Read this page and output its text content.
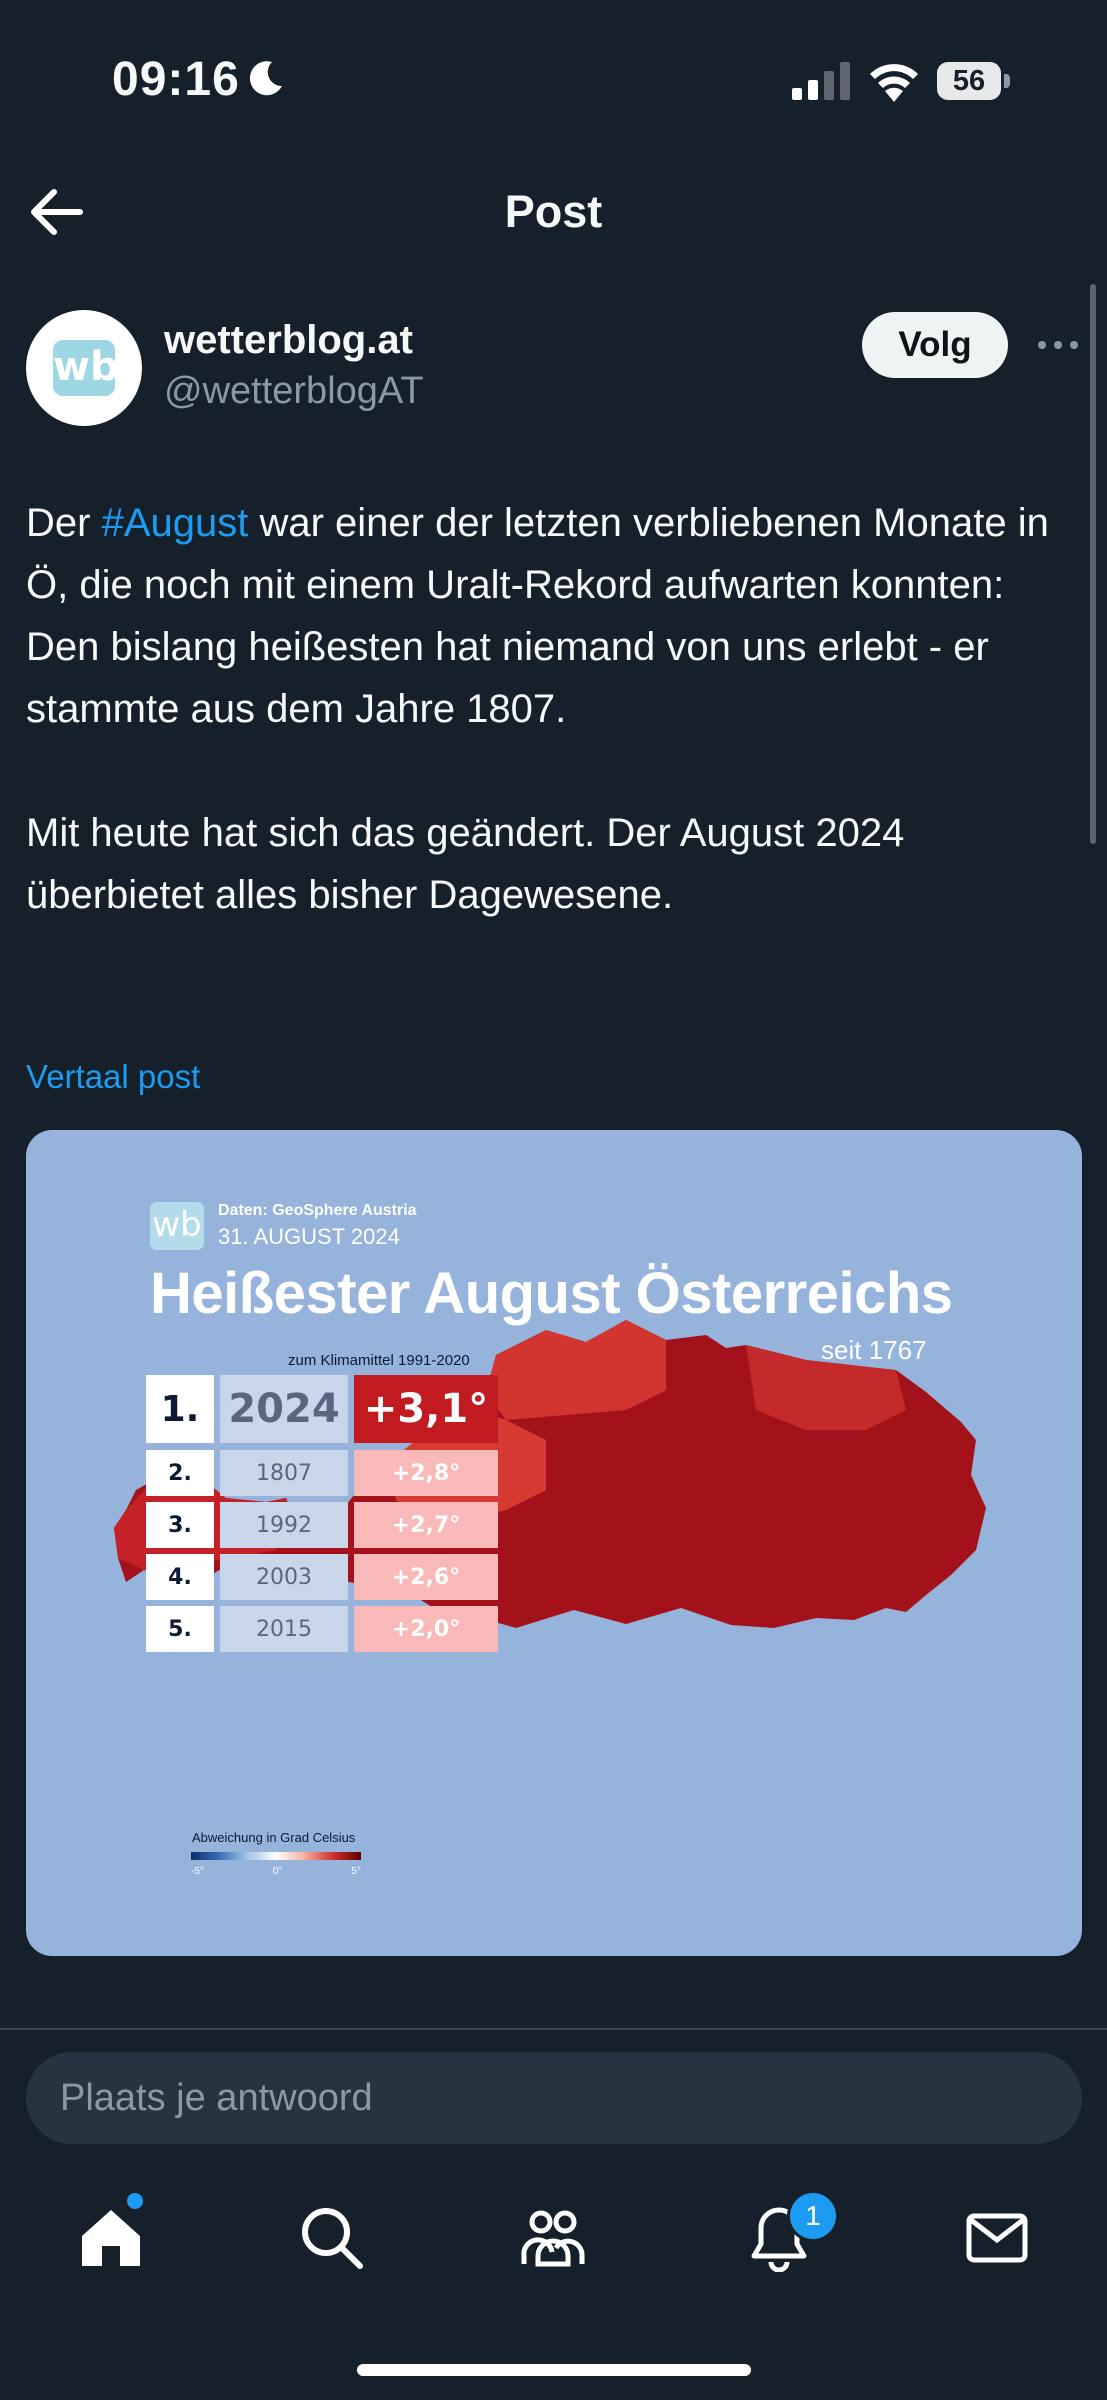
09:16	56
Post
wb
wetterblog.at
@wetterblogAT
Volg

Der #August war einer der letzten verbliebenen Monate in Ö, die noch mit einem Uralt-Rekord aufwarten konnten: Den bislang heißesten hat niemand von uns erlebt - er stammte aus dem Jahre 1807.

Mit heute hat sich das geändert. Der August 2024 überbietet alles bisher Dagewesene.

Vertaal post
wb Daten: GeoSphere Austria
31. AUGUST 2024
Heißester August Österreichs
seit 1767
zum Klimamittel 1991-2020
1. 2024 +3,1°
2.	1807	+2,8°
3.	1992	+2,7°
4.	2003	+2,6°
5.	2015	+2,0°
Abweichung in Grad Celsius
-5°	0°	5°
Plaats je antwoord
1
